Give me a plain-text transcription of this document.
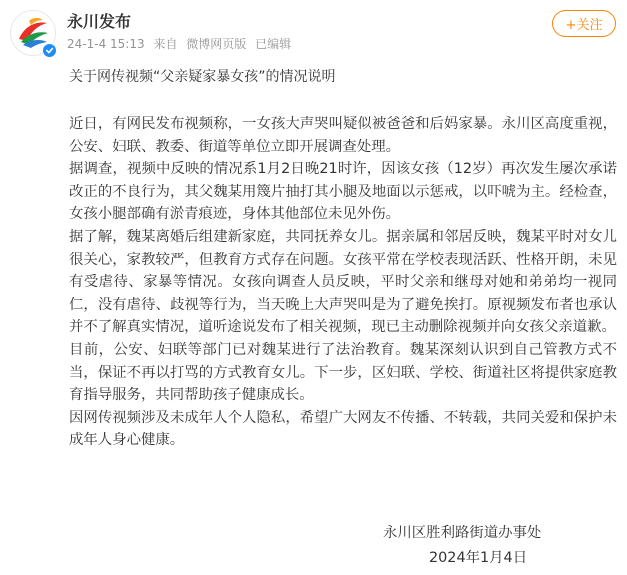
永川发布
24-1-4 15:13 来自 微博网页版 已编辑
+关注
关于网传视频“父亲疑家暴女孩”的情况说明

近日，有网民发布视频称，一女孩大声哭叫疑似被爸爸和后妈家暴。永川区高度重视，公安、妇联、教委、街道等单位立即开展调查处理。

据调查，视频中反映的情况系1月2日晚21时许，因该女孩（12岁）再次发生屡次承诺改正的不良行为，其父魏某用篾片抽打其小腿及地面以示惩戒，以吓唬为主。经检查，女孩小腿部确有淤青痕迹，身体其他部位未见外伤。

据了解，魏某离婚后组建新家庭，共同抚养女儿。据亲属和邻居反映，魏某平时对女儿很关心，家教较严，但教育方式存在问题。女孩平常在学校表现活跃、性格开朗，未见有受虐待、家暴等情况。女孩向调查人员反映，平时父亲和继母对她和弟弟均一视同仁，没有虐待、歧视等行为，当天晚上大声哭叫是为了避免挨打。原视频发布者也承认并不了解真实情况，道听途说发布了相关视频，现已主动删除视频并向女孩父亲道歉。

目前，公安、妇联等部门已对魏某进行了法治教育。魏某深刻认识到自己管教方式不当，保证不再以打骂的方式教育女儿。下一步，区妇联、学校、街道社区将提供家庭教育指导服务，共同帮助孩子健康成长。

因网传视频涉及未成年人个人隐私，希望广大网友不传播、不转载，共同关爱和保护未成年人身心健康。

永川区胜利路街道办事处
2024年1月4日
